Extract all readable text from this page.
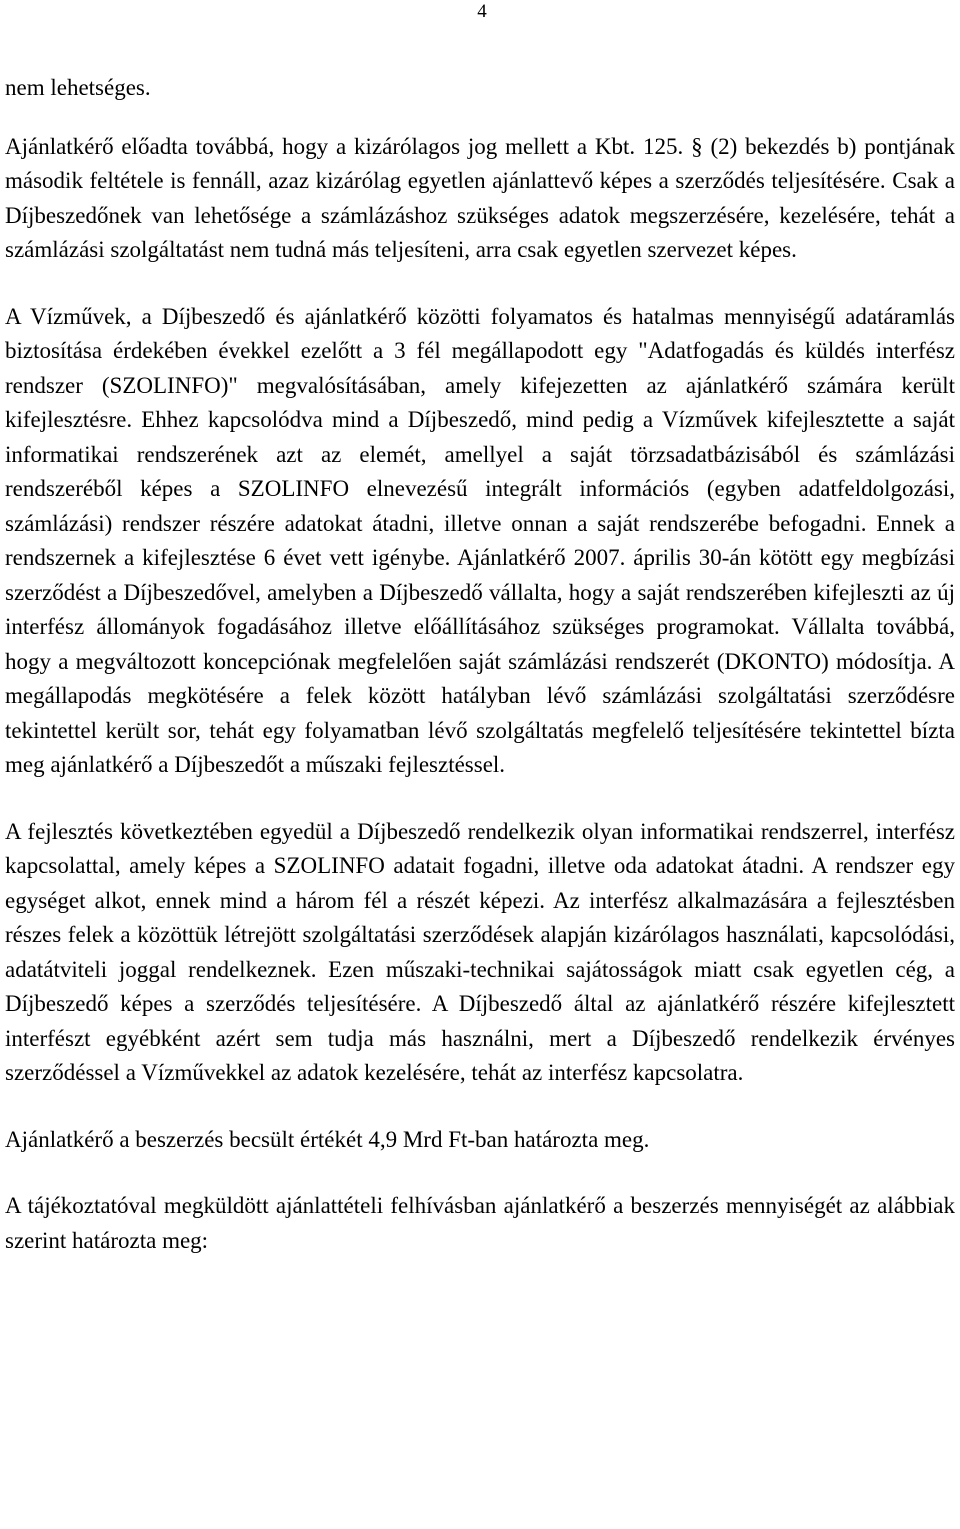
4

nem lehetséges.

Ajánlatkérő előadta továbbá, hogy a kizárólagos jog mellett a Kbt. 125. § (2) bekezdés b) pontjának második feltétele is fennáll, azaz kizárólag egyetlen ajánlattevő képes a szerződés teljesítésére. Csak a Díjbeszedőnek van lehetősége a számlázáshoz szükséges adatok megszerzésére, kezelésére, tehát a számlázási szolgáltatást nem tudná más teljesíteni, arra csak egyetlen szervezet képes.

A Vízművek, a Díjbeszedő és ajánlatkérő közötti folyamatos és hatalmas mennyiségű adatáramlás biztosítása érdekében évekkel ezelőtt a 3 fél megállapodott egy "Adatfogadás és küldés interfész rendszer (SZOLINFO)" megvalósításában, amely kifejezetten az ajánlatkérő számára került kifejlesztésre. Ehhez kapcsolódva mind a Díjbeszedő, mind pedig a Vízművek kifejlesztette a saját informatikai rendszerének azt az elemét, amellyel a saját törzsadatbázisából és számlázási rendszeréből képes a SZOLINFO elnevezésű integrált információs (egyben adatfeldolgozási, számlázási) rendszer részére adatokat átadni, illetve onnan a saját rendszerébe befogadni. Ennek a rendszernek a kifejlesztése 6 évet vett igénybe. Ajánlatkérő 2007. április 30-án kötött egy megbízási szerződést a Díjbeszedővel, amelyben a Díjbeszedő vállalta, hogy a saját rendszerében kifejleszti az új interfész állományok fogadásához illetve előállításához szükséges programokat. Vállalta továbbá, hogy a megváltozott koncepciónak megfelelően saját számlázási rendszerét (DKONTO) módosítja. A megállapodás megkötésére a felek között hatályban lévő számlázási szolgáltatási szerződésre tekintettel került sor, tehát egy folyamatban lévő szolgáltatás megfelelő teljesítésére tekintettel bízta meg ajánlatkérő a Díjbeszedőt a műszaki fejlesztéssel.

A fejlesztés következtében egyedül a Díjbeszedő rendelkezik olyan informatikai rendszerrel, interfész kapcsolattal, amely képes a SZOLINFO adatait fogadni, illetve oda adatokat átadni. A rendszer egy egységet alkot, ennek mind a három fél a részét képezi. Az interfész alkalmazására a fejlesztésben részes felek a közöttük létrejött szolgáltatási szerződések alapján kizárólagos használati, kapcsolódási, adatátviteli joggal rendelkeznek. Ezen műszaki-technikai sajátosságok miatt csak egyetlen cég, a Díjbeszedő képes a szerződés teljesítésére. A Díjbeszedő által az ajánlatkérő részére kifejlesztett interfészt egyébként azért sem tudja más használni, mert a Díjbeszedő rendelkezik érvényes szerződéssel a Vízművekkel az adatok kezelésére, tehát az interfész kapcsolatra.

Ajánlatkérő a beszerzés becsült értékét 4,9 Mrd Ft-ban határozta meg.

A tájékoztatóval megküldött ajánlattételi felhívásban ajánlatkérő a beszerzés mennyiségét az alábbiak szerint határozta meg:
